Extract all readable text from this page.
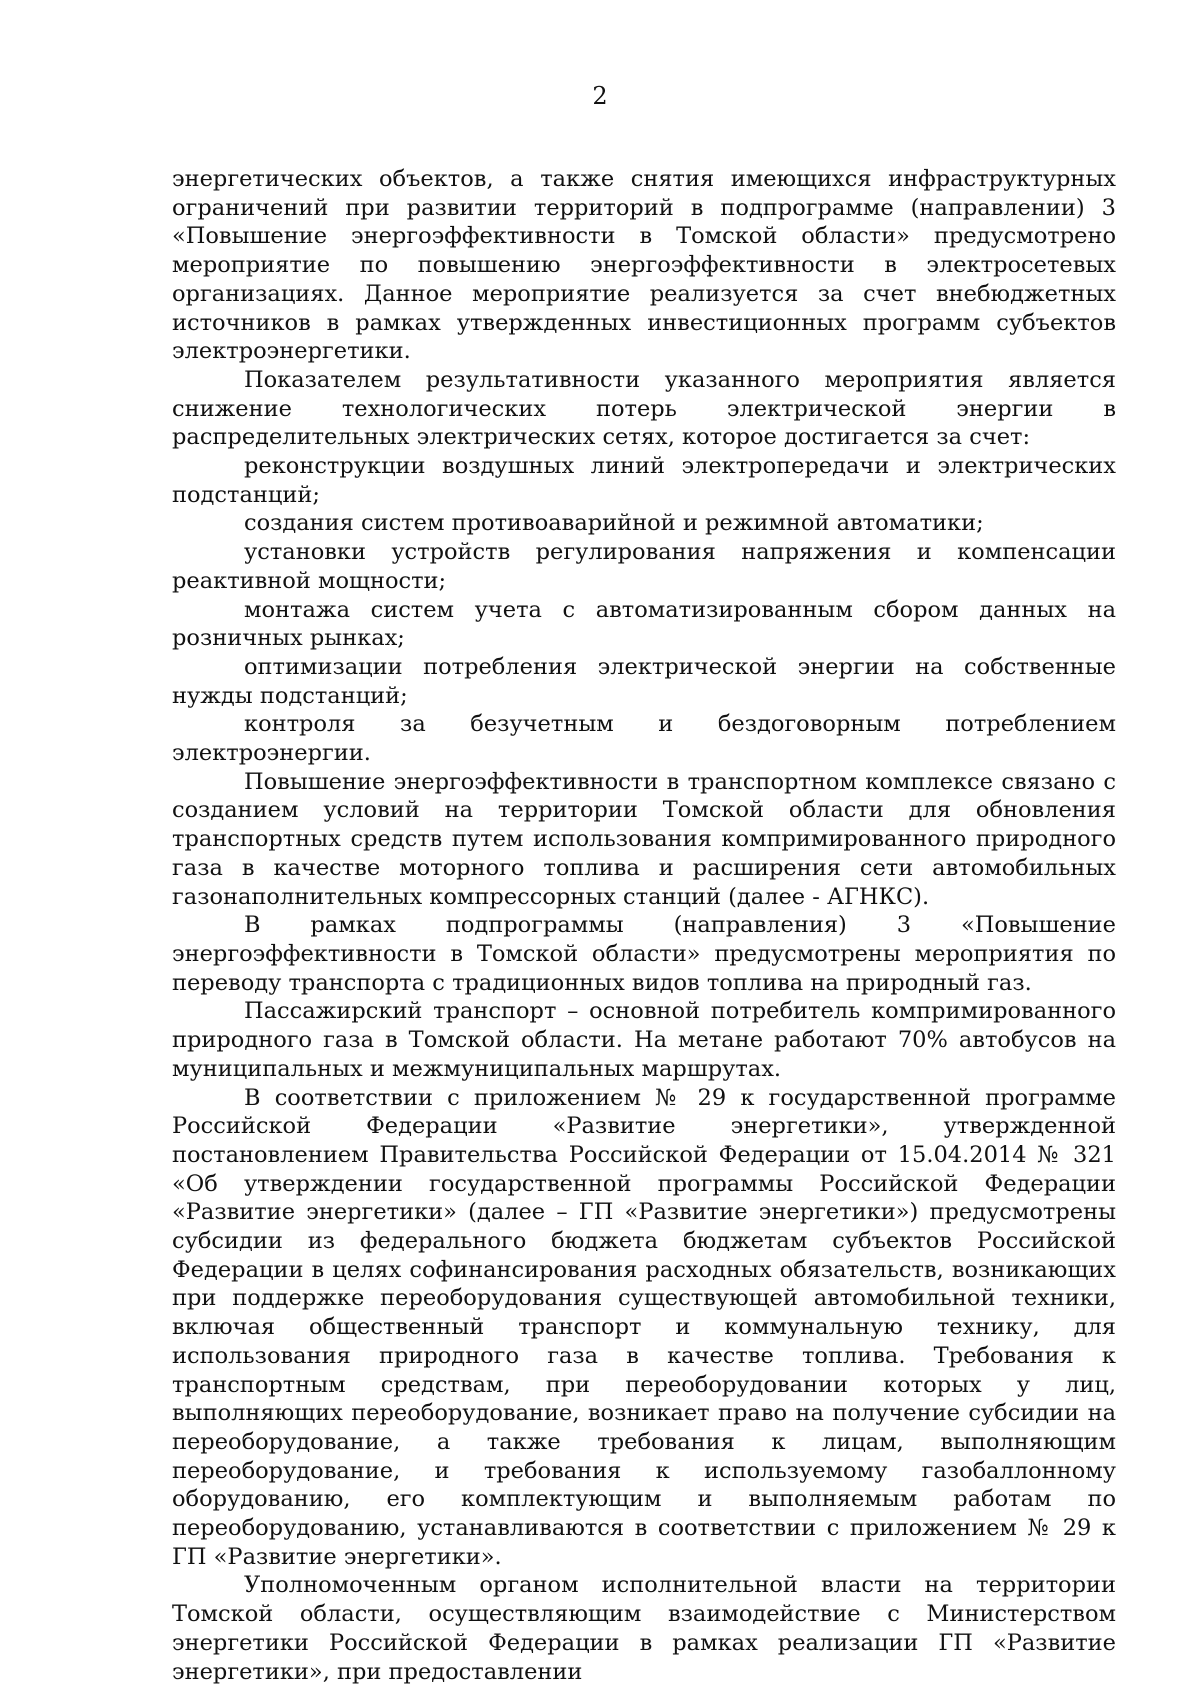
2

энергетических объектов, а также снятия имеющихся инфраструктурных ограничений при развитии территорий в подпрограмме (направлении) 3 «Повышение энергоэффективности в Томской области» предусмотрено мероприятие по повышению энергоэффективности в электросетевых организациях. Данное мероприятие реализуется за счет внебюджетных источников в рамках утвержденных инвестиционных программ субъектов электроэнергетики.

Показателем результативности указанного мероприятия является снижение технологических потерь электрической энергии в распределительных электрических сетях, которое достигается за счет:

реконструкции воздушных линий электропередачи и электрических подстанций;

создания систем противоаварийной и режимной автоматики;

установки устройств регулирования напряжения и компенсации реактивной мощности;

монтажа систем учета с автоматизированным сбором данных на розничных рынках;

оптимизации потребления электрической энергии на собственные нужды подстанций;

контроля за безучетным и бездоговорным потреблением электроэнергии.

Повышение энергоэффективности в транспортном комплексе связано с созданием условий на территории Томской области для обновления транспортных средств путем использования компримированного природного газа в качестве моторного топлива и расширения сети автомобильных газонаполнительных компрессорных станций (далее - АГНКС).

В рамках подпрограммы (направления) 3 «Повышение энергоэффективности в Томской области» предусмотрены мероприятия по переводу транспорта с традиционных видов топлива на природный газ.

Пассажирский транспорт – основной потребитель компримированного природного газа в Томской области. На метане работают 70% автобусов на муниципальных и межмуниципальных маршрутах.

В соответствии с приложением № 29 к государственной программе Российской Федерации «Развитие энергетики», утвержденной постановлением Правительства Российской Федерации от 15.04.2014 № 321 «Об утверждении государственной программы Российской Федерации «Развитие энергетики» (далее – ГП «Развитие энергетики») предусмотрены субсидии из федерального бюджета бюджетам субъектов Российской Федерации в целях софинансирования расходных обязательств, возникающих при поддержке переоборудования существующей автомобильной техники, включая общественный транспорт и коммунальную технику, для использования природного газа в качестве топлива. Требования к транспортным средствам, при переоборудовании которых у лиц, выполняющих переоборудование, возникает право на получение субсидии на переоборудование, а также требования к лицам, выполняющим переоборудование, и требования к используемому газобаллонному оборудованию, его комплектующим и выполняемым работам по переоборудованию, устанавливаются в соответствии с приложением № 29 к ГП «Развитие энергетики».

Уполномоченным органом исполнительной власти на территории Томской области, осуществляющим взаимодействие с Министерством энергетики Российской Федерации в рамках реализации ГП «Развитие энергетики», при предоставлении
